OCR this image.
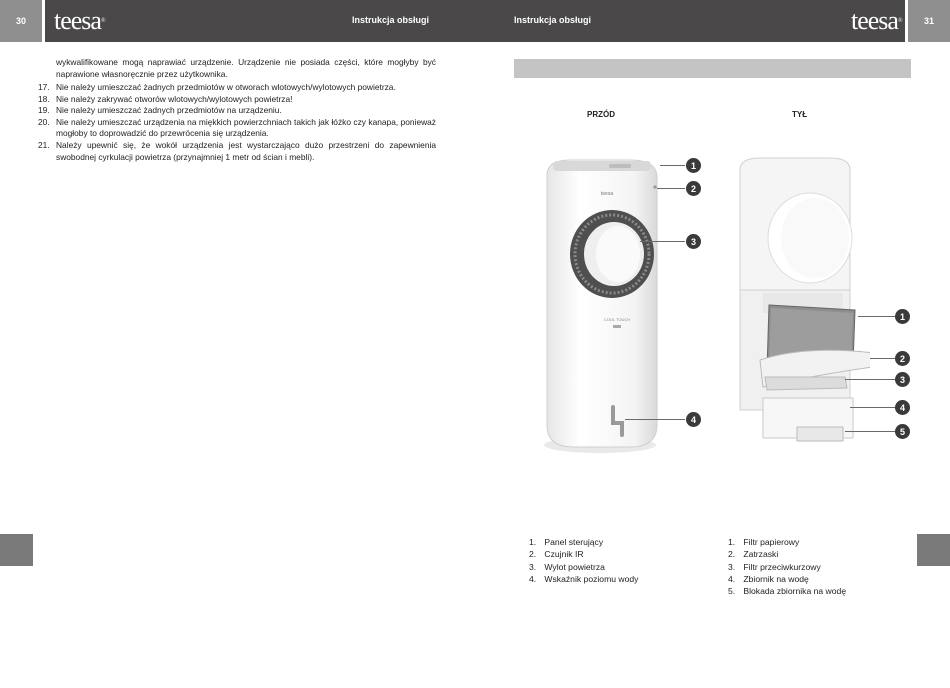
30	teesa®	Instrukcja obsługi	Instrukcja obsługi	teesa®	31
wykwalifikowane mogą naprawiać urządzenie. Urządzenie nie posiada części, które mogłyby być naprawione własnoręcznie przez użytkownika.
17. Nie należy umieszczać żadnych przedmiotów w otworach wlotowych/wylotowych powietrza.
18. Nie należy zakrywać otworów wlotowych/wylotowych powietrza!
19. Nie należy umieszczać żadnych przedmiotów na urządzeniu.
20. Nie należy umieszczać urządzenia na miękkich powierzchniach takich jak łóżko czy kanapa, ponieważ mogłoby to doprowadzić do przewrócenia się urządzenia.
21. Należy upewnić się, że wokół urządzenia jest wystarczająco dużo przestrzeni do zapewnienia swobodnej cyrkulacji powietrza (przynajmniej 1 metr od ścian i mebli).
PRZÓD	TYŁ
teesa
COOL TOUCH
1
2
3
4
1
2
3
4
5
1. Panel sterujący
2. Czujnik IR
3. Wylot powietrza
4. Wskaźnik poziomu wody
1. Filtr papierowy
2. Zatrzaski
3. Filtr przeciwkurzowy
4. Zbiornik na wodę
5. Blokada zbiornika na wodę
